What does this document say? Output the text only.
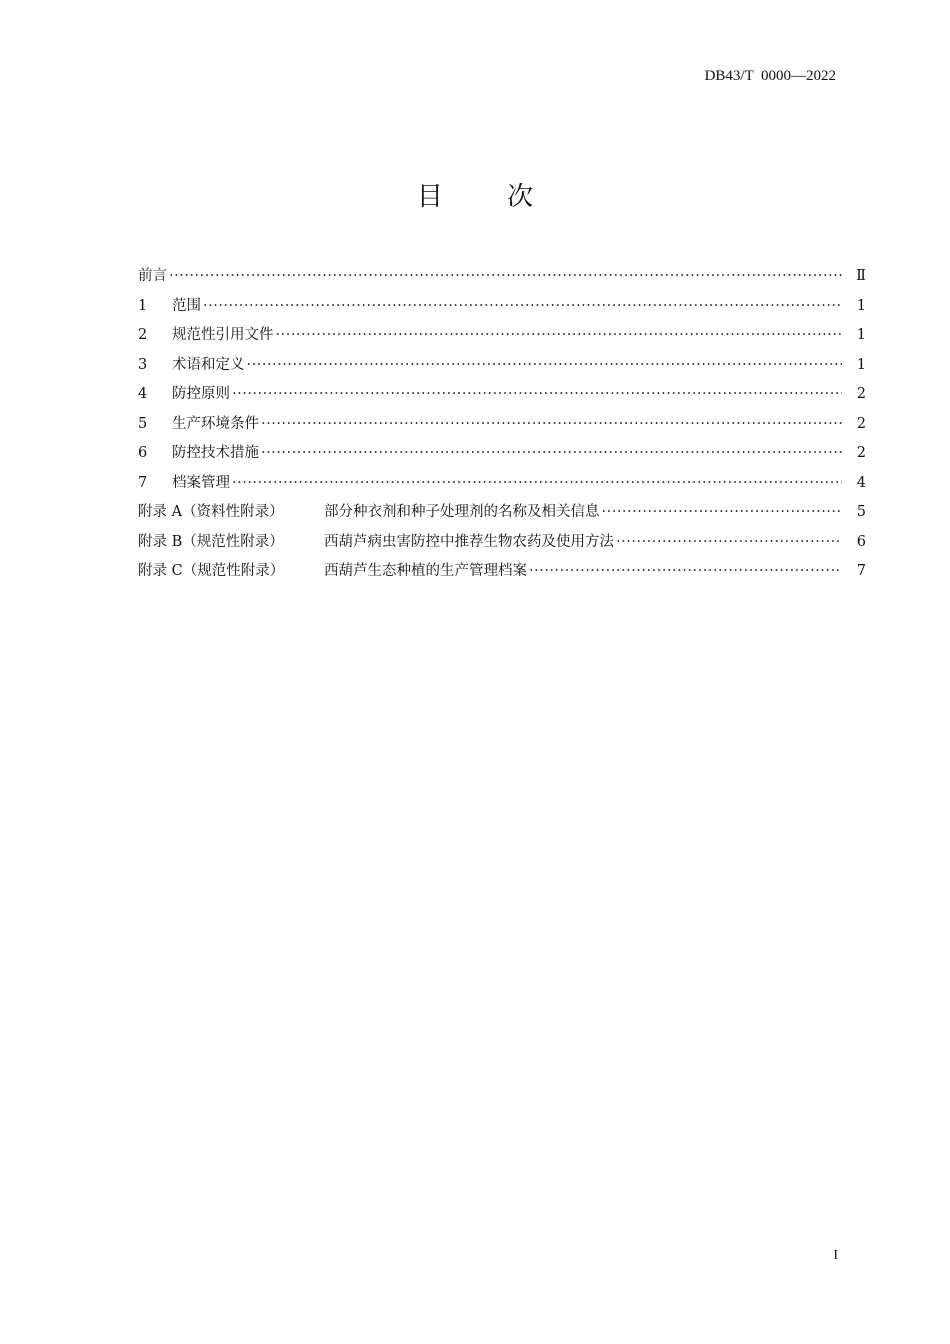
DB43/T  0000—2022
目 次
前言 ·····	Ⅱ
1	范围 ·····	1
2	规范性引用文件 ·····	1
3	术语和定义 ·····	1
4	防控原则 ·····	2
5	生产环境条件 ·····	2
6	防控技术措施 ·····	2
7	档案管理 ·····	4
附录 A（资料性附录）	部分种衣剂和种子处理剂的名称及相关信息 ·····	5
附录 B（规范性附录）	西葫芦病虫害防控中推荐生物农药及使用方法 ·····	6
附录 C（规范性附录）	西葫芦生态种植的生产管理档案 ·····	7
I
